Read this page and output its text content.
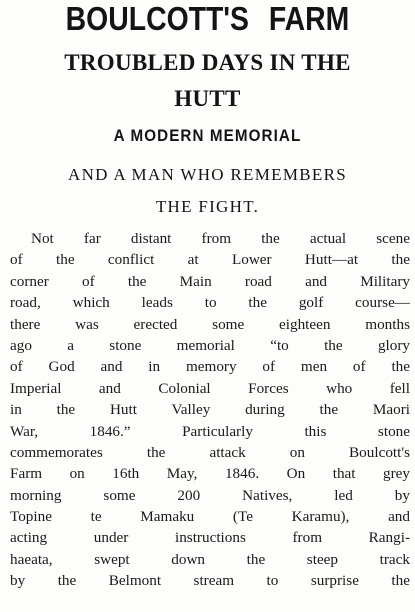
BOULCOTT'S FARM
TROUBLED DAYS IN THE
HUTT
A MODERN MEMORIAL
AND A MAN WHO REMEMBERS
THE FIGHT.
Not far distant from the actual scene
of the conflict at Lower Hutt—at the
corner of the Main road and Military
road, which leads to the golf course—
there was erected some eighteen months
ago a stone memorial “to the glory
of God and in memory of men of the
Imperial and Colonial Forces who fell
in the Hutt Valley during the Maori
War, 1846.” Particularly this stone
commemorates the attack on Boulcott's
Farm on 16th May, 1846. On that grey
morning some 200 Natives, led by
Topine te Mamaku (Te Karamu), and
acting under instructions from Rangi-
haeata, swept down the steep track
by the Belmont stream to surprise the
